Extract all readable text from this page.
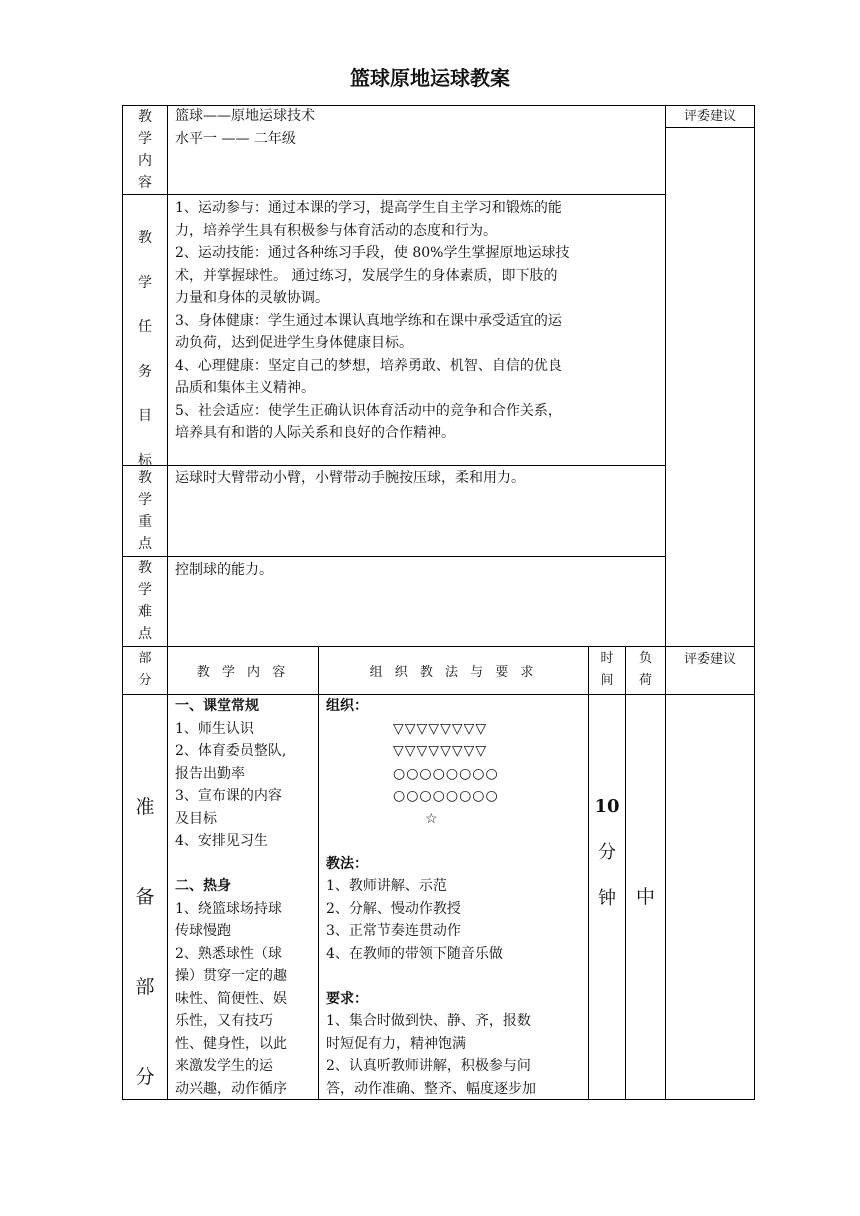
篮球原地运球教案
评委建议
教
学
内
容
篮球——原地运球技术
水平一 —— 二年级
教
学
任
务
目
标
1、运动参与：通过本课的学习，提高学生自主学习和锻炼的能
力，培养学生具有积极参与体育活动的态度和行为。
2、运动技能：通过各种练习手段，使 80%学生掌握原地运球技
术，并掌握球性。 通过练习，发展学生的身体素质，即下肢的
力量和身体的灵敏协调。
3、身体健康：学生通过本课认真地学练和在课中承受适宜的运
动负荷，达到促进学生身体健康目标。
4、心理健康：坚定自己的梦想，培养勇敢、机智、自信的优良
品质和集体主义精神。
5、社会适应：使学生正确认识体育活动中的竞争和合作关系，
培养具有和谐的人际关系和良好的合作精神。
教
学
重
点
运球时大臂带动小臂，小臂带动手腕按压球，柔和用力。
教
学
难
点
控制球的能力。
部
分
教 学 内 容	组 织 教 法 与 要 求
时
间
负
荷
评委建议
准
备
部
分
一、课堂常规
1、师生认识
2、体育委员整队,
报告出勤率
3、宣布课的内容
及目标
4、安排见习生
二、热身
1、绕篮球场持球
传球慢跑
2、熟悉球性（球
操）贯穿一定的趣
味性、简便性、娱
乐性，又有技巧
性、健身性，以此
来激发学生的运
动兴趣，动作循序
组织：
▽▽▽▽▽▽▽▽
▽▽▽▽▽▽▽▽
○○○○○○○○
○○○○○○○○
☆
教法：
1、教师讲解、示范
2、分解、慢动作教授
3、正常节奏连贯动作
4、在教师的带领下随音乐做
要求：
1、集合时做到快、静、齐，报数
时短促有力，精神饱满
2、认真听教师讲解，积极参与问
答，动作准确、整齐、幅度逐步加
10
分
钟	中
